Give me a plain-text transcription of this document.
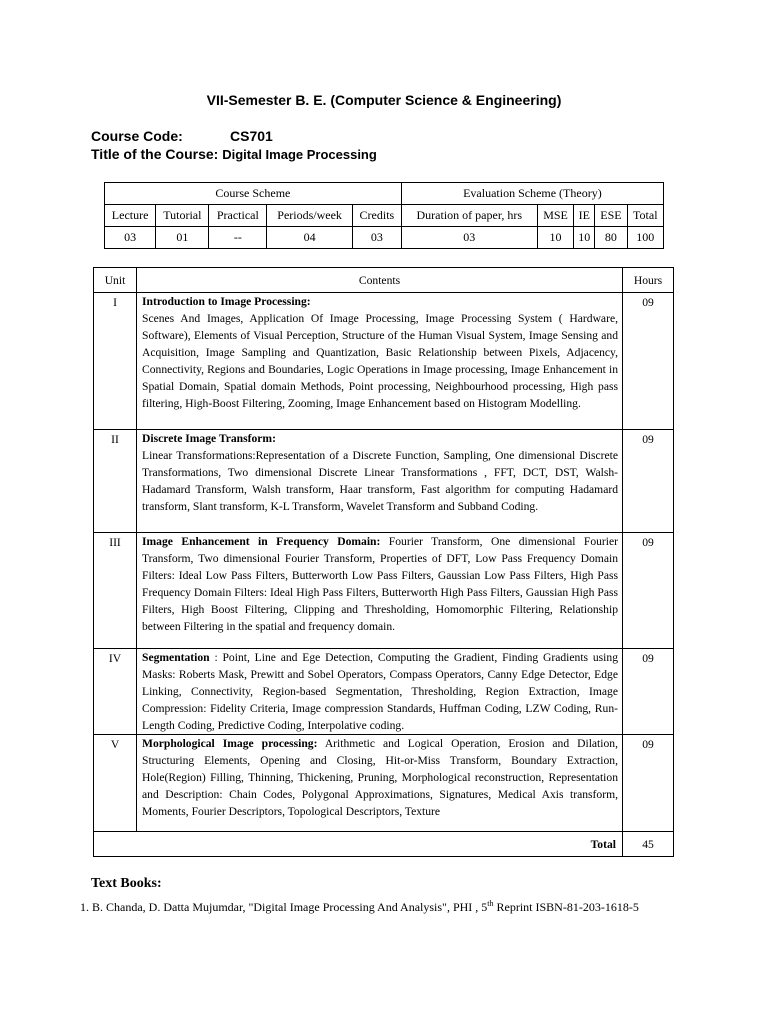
VII-Semester B. E. (Computer Science & Engineering)
Course Code:	CS701
Title of the Course: Digital Image Processing
Course Scheme					Evaluation Scheme (Theory)				
Lecture	Tutorial	Practical	Periods/week	Credits	Duration of paper, hrs	MSE	IE	ESE	Total
03	01	--	04	03	03	10	10	80	100
Unit	Contents	Hours
I	Introduction to Image Processing:
Scenes And Images, Application Of Image Processing, Image Processing System ( Hardware, Software), Elements of Visual Perception, Structure of the Human Visual System, Image Sensing and Acquisition, Image Sampling and Quantization, Basic Relationship between Pixels, Adjacency, Connectivity, Regions and Boundaries, Logic Operations in Image processing, Image Enhancement in Spatial Domain, Spatial domain Methods, Point processing, Neighbourhood processing, High pass filtering, High-Boost Filtering, Zooming, Image Enhancement based on Histogram Modelling.	09
II	Discrete Image Transform:
Linear Transformations:Representation of a Discrete Function, Sampling, One dimensional Discrete Transformations, Two dimensional Discrete Linear Transformations , FFT, DCT, DST, Walsh-Hadamard Transform, Walsh transform, Haar transform, Fast algorithm for computing Hadamard transform, Slant transform, K-L Transform, Wavelet Transform and Subband Coding.	09
III	Image Enhancement in Frequency Domain: Fourier Transform, One dimensional Fourier Transform, Two dimensional Fourier Transform, Properties of DFT, Low Pass Frequency Domain Filters: Ideal Low Pass Filters, Butterworth Low Pass Filters, Gaussian Low Pass Filters, High Pass Frequency Domain Filters: Ideal High Pass Filters, Butterworth High Pass Filters, Gaussian High Pass Filters, High Boost Filtering, Clipping and Thresholding, Homomorphic Filtering, Relationship between Filtering in the spatial and frequency domain.	09
IV	Segmentation : Point, Line and Ege Detection, Computing the Gradient, Finding Gradients using Masks: Roberts Mask, Prewitt and Sobel Operators, Compass Operators, Canny Edge Detector, Edge Linking, Connectivity, Region-based Segmentation, Thresholding, Region Extraction, Image Compression: Fidelity Criteria, Image compression Standards, Huffman Coding, LZW Coding, Run-Length Coding, Predictive Coding, Interpolative coding.	09
V	Morphological Image processing: Arithmetic and Logical Operation, Erosion and Dilation, Structuring Elements, Opening and Closing, Hit-or-Miss Transform, Boundary Extraction, Hole(Region) Filling, Thinning, Thickening, Pruning, Morphological reconstruction, Representation and Description: Chain Codes, Polygonal Approximations, Signatures, Medical Axis transform, Moments, Fourier Descriptors, Topological Descriptors, Texture	09
Total		45
Text Books:
1. B. Chanda, D. Datta Mujumdar, "Digital Image Processing And Analysis", PHI , 5th Reprint ISBN-81-203-1618-5
